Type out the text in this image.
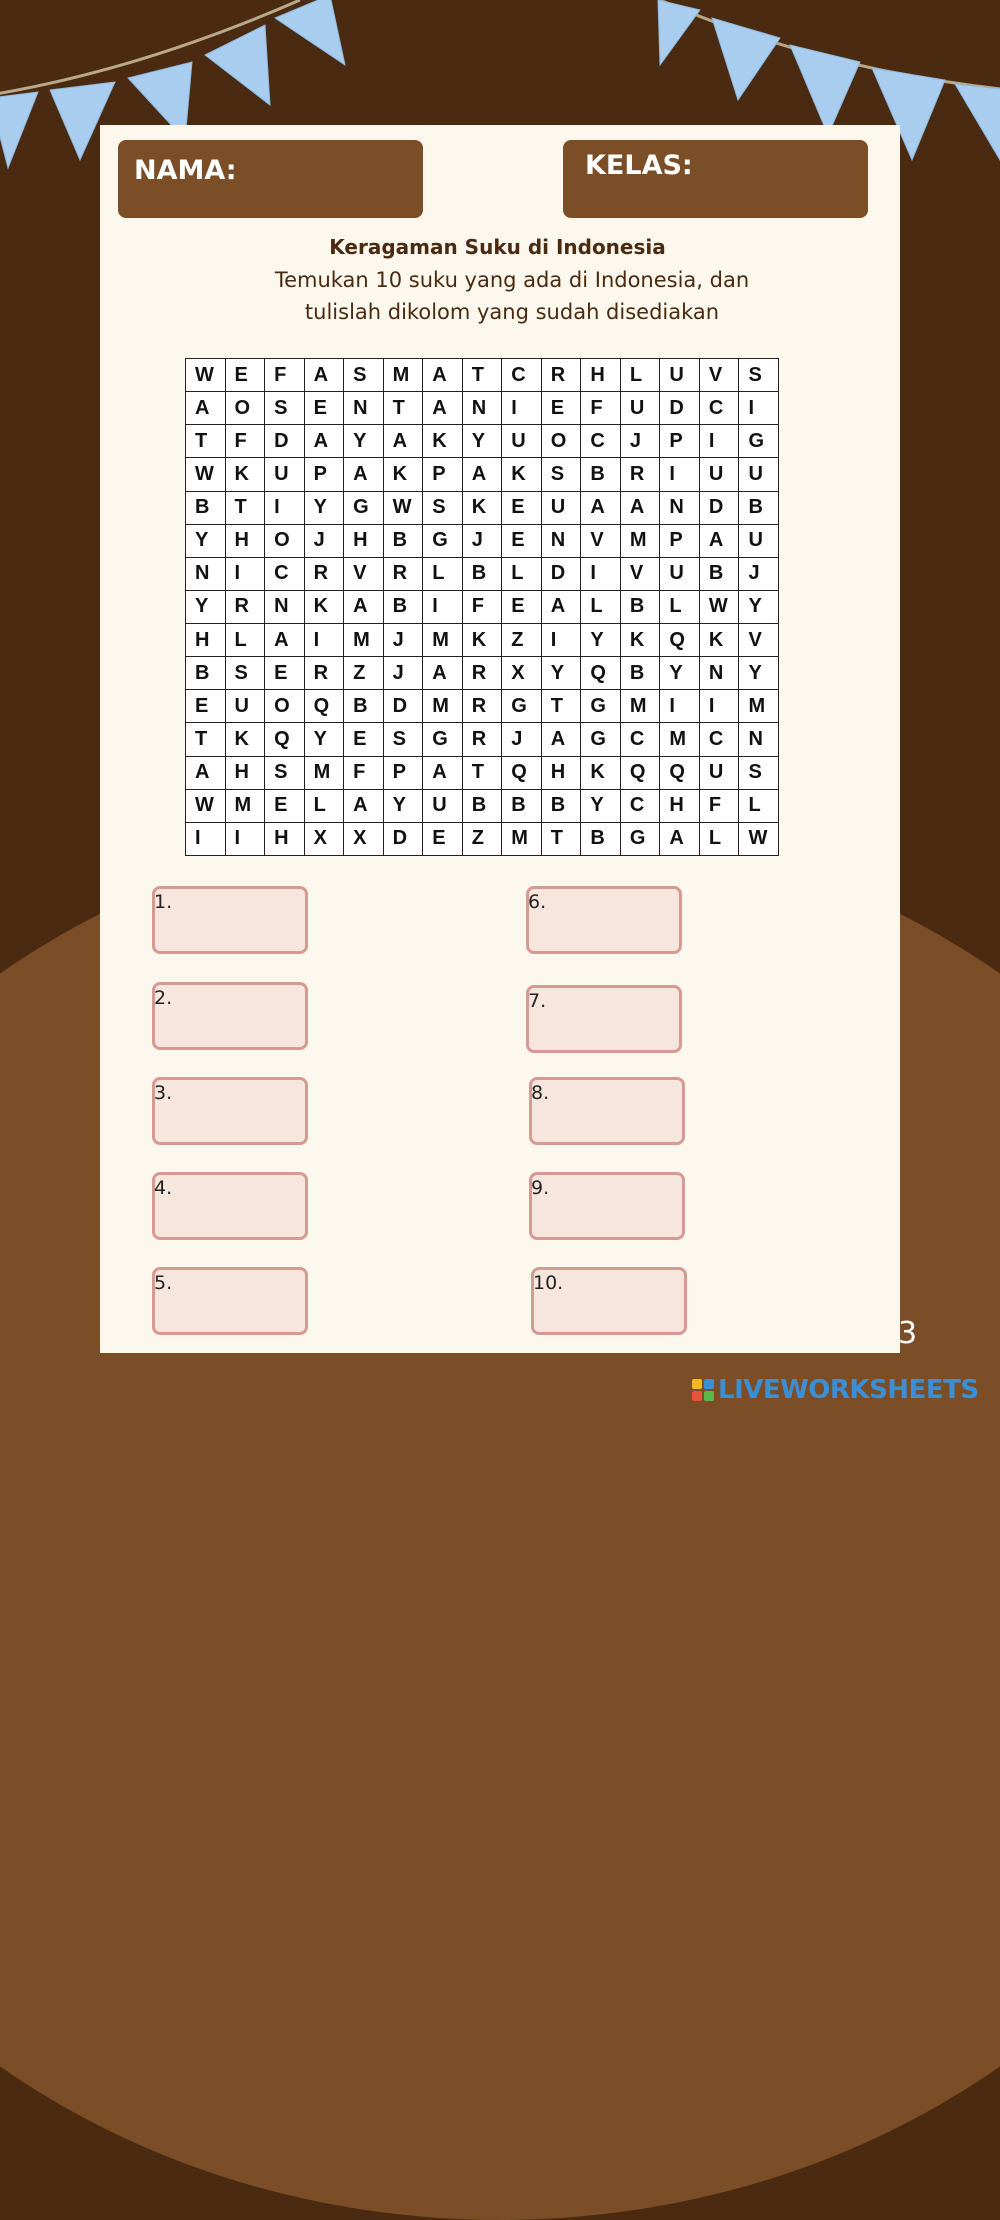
NAMA:	KELAS:
Keragaman Suku di Indonesia
Temukan 10 suku yang ada di Indonesia, dan
tulislah dikolom yang sudah disediakan
W	E	F	A	S	M	A	T	C	R	H	L	U	V	S
A	O	S	E	N	T	A	N	I	E	F	U	D	C	I
T	F	D	A	Y	A	K	Y	U	O	C	J	P	I	G
W	K	U	P	A	K	P	A	K	S	B	R	I	U	U
B	T	I	Y	G	W	S	K	E	U	A	A	N	D	B
Y	H	O	J	H	B	G	J	E	N	V	M	P	A	U
N	I	C	R	V	R	L	B	L	D	I	V	U	B	J
Y	R	N	K	A	B	I	F	E	A	L	B	L	W	Y
H	L	A	I	M	J	M	K	Z	I	Y	K	Q	K	V
B	S	E	R	Z	J	A	R	X	Y	Q	B	Y	N	Y
E	U	O	Q	B	D	M	R	G	T	G	M	I	I	M
T	K	Q	Y	E	S	G	R	J	A	G	C	M	C	N
A	H	S	M	F	P	A	T	Q	H	K	Q	Q	U	S
W	M	E	L	A	Y	U	B	B	B	Y	C	H	F	L
I	I	H	X	X	D	E	Z	M	T	B	G	A	L	W
1.
2.
3.
4.
5.
6.
7.
8.
9.
10.
3
LIVEWORKSHEETS
